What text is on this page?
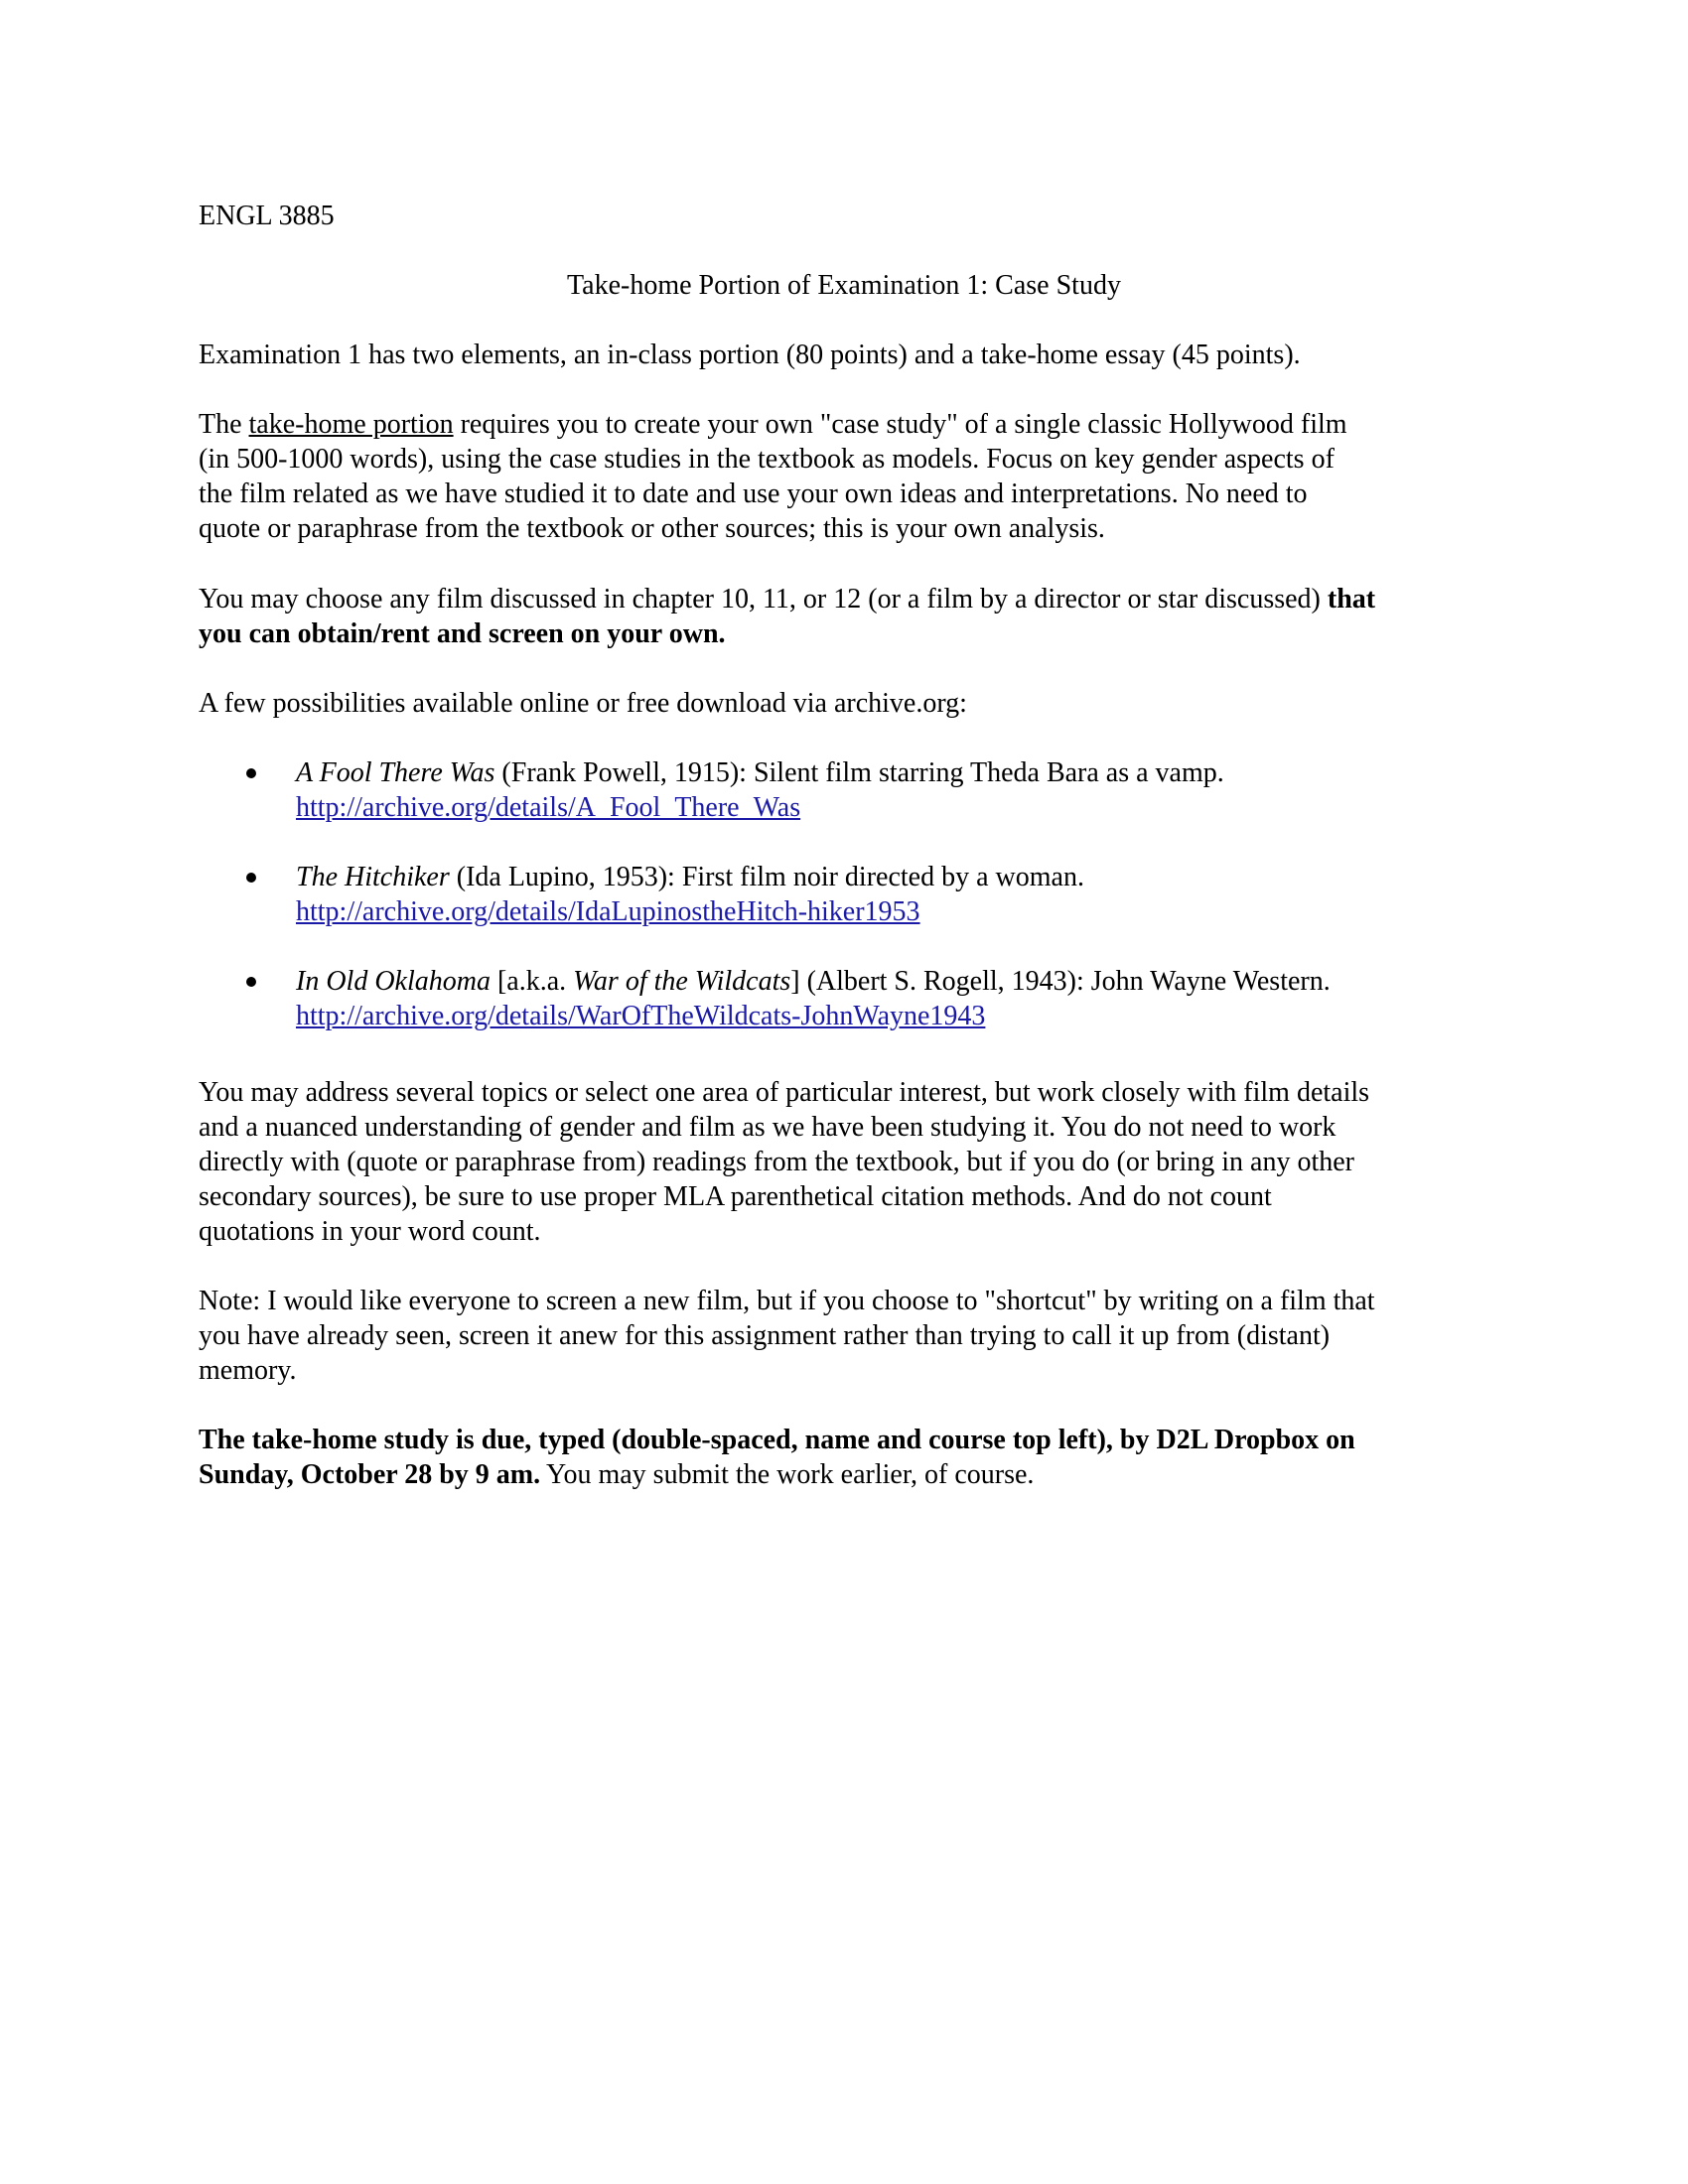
ENGL 3885

Take-home Portion of Examination 1: Case Study

Examination 1 has two elements, an in-class portion (80 points) and a take-home essay (45 points).

The take-home portion requires you to create your own "case study" of a single classic Hollywood film
(in 500-1000 words), using the case studies in the textbook as models. Focus on key gender aspects of
the film related as we have studied it to date and use your own ideas and interpretations. No need to
quote or paraphrase from the textbook or other sources; this is your own analysis.
You may choose any film discussed in chapter 10, 11, or 12 (or a film by a director or star discussed) that
you can obtain/rent and screen on your own.

A few possibilities available online or free download via archive.org:

A Fool There Was (Frank Powell, 1915): Silent film starring Theda Bara as a vamp.
http://archive.org/details/A_Fool_There_Was
The Hitchiker (Ida Lupino, 1953): First film noir directed by a woman.
http://archive.org/details/IdaLupinostheHitch-hiker1953
In Old Oklahoma [a.k.a. War of the Wildcats] (Albert S. Rogell, 1943): John Wayne Western.
http://archive.org/details/WarOfTheWildcats-JohnWayne1943
You may address several topics or select one area of particular interest, but work closely with film details
and a nuanced understanding of gender and film as we have been studying it. You do not need to work
directly with (quote or paraphrase from) readings from the textbook, but if you do (or bring in any other
secondary sources), be sure to use proper MLA parenthetical citation methods. And do not count
quotations in your word count.
Note: I would like everyone to screen a new film, but if you choose to "shortcut" by writing on a film that
you have already seen, screen it anew for this assignment rather than trying to call it up from (distant)
memory.
The take-home study is due, typed (double-spaced, name and course top left), by D2L Dropbox on
Sunday, October 28 by 9 am. You may submit the work earlier, of course.
